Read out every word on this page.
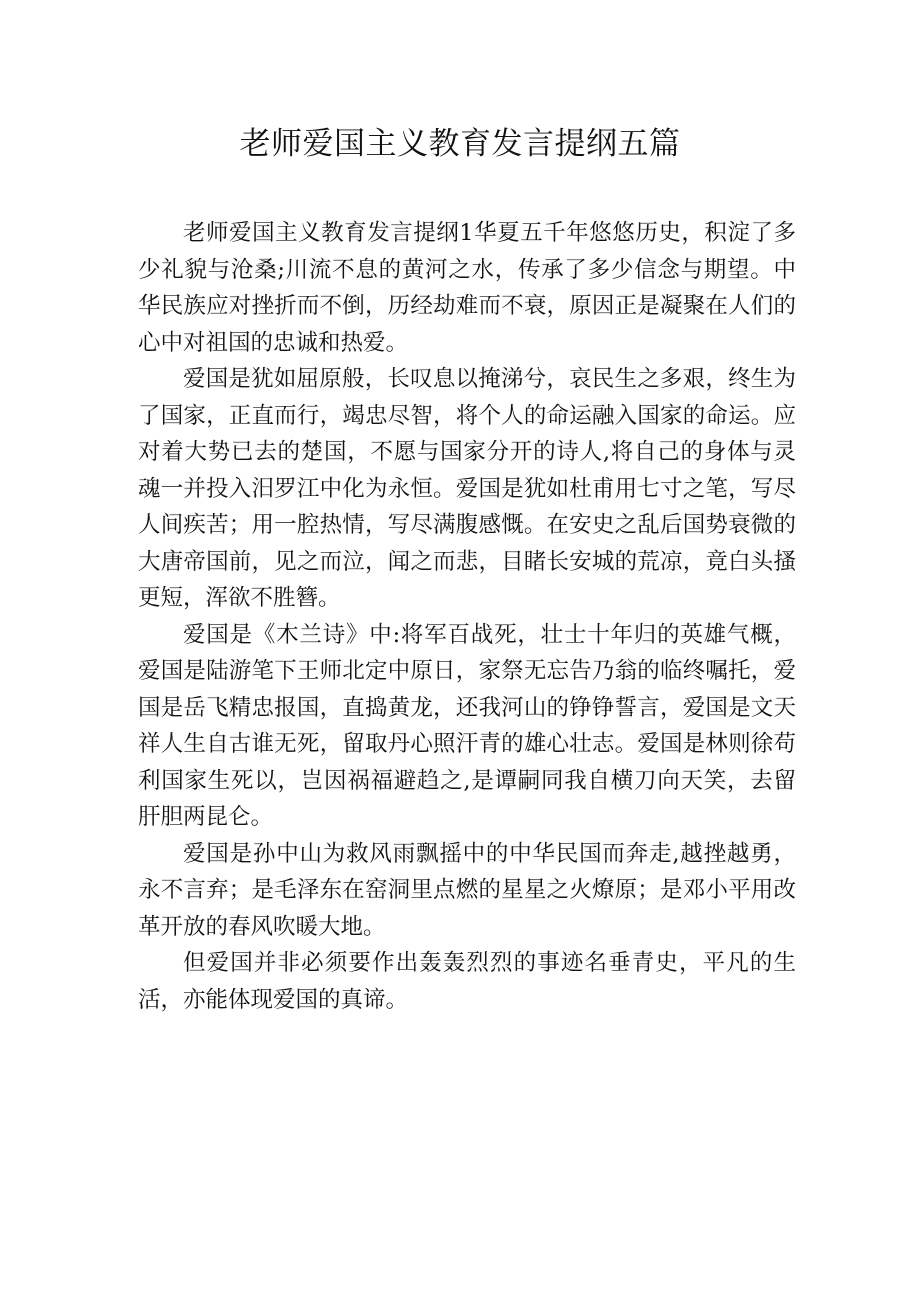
老师爱国主义教育发言提纲五篇

老师爱国主义教育发言提纲1华夏五千年悠悠历史，积淀了多少礼貌与沧桑;川流不息的黄河之水，传承了多少信念与期望。中华民族应对挫折而不倒，历经劫难而不衰，原因正是凝聚在人们的心中对祖国的忠诚和热爱。

爱国是犹如屈原般，长叹息以掩涕兮，哀民生之多艰，终生为了国家，正直而行，竭忠尽智，将个人的命运融入国家的命运。应对着大势已去的楚国，不愿与国家分开的诗人,将自己的身体与灵魂一并投入汨罗江中化为永恒。爱国是犹如杜甫用七寸之笔，写尽人间疾苦；用一腔热情，写尽满腹感慨。在安史之乱后国势衰微的大唐帝国前，见之而泣，闻之而悲，目睹长安城的荒凉，竟白头搔更短，浑欲不胜簪。

爱国是《木兰诗》中:将军百战死，壮士十年归的英雄气概，爱国是陆游笔下王师北定中原日，家祭无忘告乃翁的临终嘱托，爱国是岳飞精忠报国，直捣黄龙，还我河山的铮铮誓言，爱国是文天祥人生自古谁无死，留取丹心照汗青的雄心壮志。爱国是林则徐苟利国家生死以，岂因祸福避趋之,是谭嗣同我自横刀向天笑，去留肝胆两昆仑。

爱国是孙中山为救风雨飘摇中的中华民国而奔走,越挫越勇，永不言弃；是毛泽东在窑洞里点燃的星星之火燎原；是邓小平用改革开放的春风吹暖大地。

但爱国并非必须要作出轰轰烈烈的事迹名垂青史，平凡的生活，亦能体现爱国的真谛。
